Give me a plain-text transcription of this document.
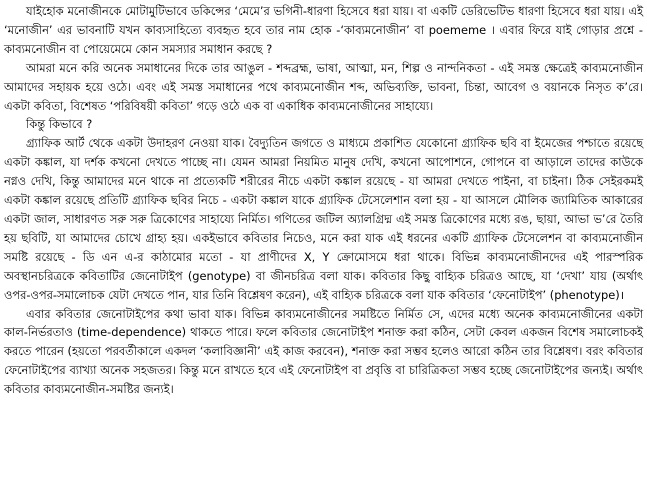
যাইহোক মনোজীনকে মোটামুটিভাবে ডকিন্সের ‘মেমে’র ভগিনী-ধারণা হিসেবে ধরা যায়। বা একটি ডেরিভেটিভ ধারণা হিসেবে ধরা যায়। এই ‘মনোজীন’ এর ভাবনাটি যখন কাব্যসাহিত্যে ব্যবহৃত হবে তার নাম হোক -‘কাব্যমনোজীন’ বা poememe । এবার ফিরে যাই গোড়ার প্রশ্নে - কাব্যমনোজীন বা পোয়েমেমে কোন সমস্যার সমাধান করছে ?

আমরা মনে করি অনেক সমাধানের দিকে তার আঙুল - শব্দব্রহ্ম, ভাষা, আত্মা, মন, শিল্প ও নান্দনিকতা - এই সমস্ত ক্ষেত্রেই কাব্যমনোজীন আমাদের সহায়ক হয়ে ওঠে। এবং এই সমস্ত সমাধানের পথে কাব্যমনোজীন শব্দ, অভিব্যক্তি, ভাবনা, চিন্তা, আবেগ ও বয়ানকে নিসৃত ক’রে। একটা কবিতা, বিশেষত ‘পরিবিষয়ী কবিতা’ গড়ে ওঠে এক বা একাধিক কাব্যমনোজীনের সাহায্যে।

কিন্তু কিভাবে ?

গ্র্যাফিক আর্ট থেকে একটা উদাহরণ নেওয়া যাক। বৈদ্যুতিন জগতে ও মাধ্যমে প্রকাশিত যেকোনো গ্র্যাফিক ছবি বা ইমেজের পশ্চাতে রয়েছে একটা কঙ্কাল, যা দর্শক কখনো দেখতে পাচ্ছে না। যেমন আমরা নিয়মিত মানুষ দেখি, কখনো আপোশনে, গোপনে বা আড়ালে তাদের কাউকে নগ্নও দেখি, কিন্তু আমাদের মনে থাকে না প্রত্যেকটি শরীরের নীচে একটা কঙ্কাল রয়েছে - যা আমরা দেখতে পাইনা, বা চাইনা। ঠিক সেইরকমই একটা কঙ্কাল রয়েছে প্রতিটি গ্র্যাফিক ছবির নিচে - একটা কঙ্কাল যাকে গ্র্যাফিক টেসেলেশান বলা হয় - যা আসলে মৌলিক জ্যামিতিক আকারের একটা জাল, সাধারণত সরু সরু ত্রিকোণের সাহায্যে নির্মিত। গণিতের জটিল অ্যালগ্রিদ্ম এই সমস্ত ত্রিকোণের মধ্যে রঙ, ছায়া, আভা ভ’রে তৈরি হয় ছবিটি, যা আমাদের চোখে গ্রাহ্য হয়। একইভাবে কবিতার নিচেও, মনে করা যাক এই ধরনের একটি গ্র্যাফিক টেসেলেশন বা কাব্যমনোজীন সমষ্টি রয়েছে - ডি এন এ-র কাঠামোর মতো - যা প্রাণীদের X, Y ক্রোমোসমে ধরা থাকে। বিভিন্ন কাব্যমনোজীনদের এই পারস্পরিক অবস্থানচরিত্রকে কবিতাটির জেনোটাইপ (genotype) বা জীনচরিত্র বলা যাক। কবিতার কিছু বাহ্যিক চরিত্রও আছে, যা ‘দেখা’ যায় (অর্থাৎ ওপর-ওপর-সমালোচক যেটা দেখতে পান, যার তিনি বিশ্লেষণ করেন), এই বাহ্যিক চরিত্রকে বলা যাক কবিতার ‘ফেনোটাইপ’ (phenotype)।

এবার কবিতার জেনোটাইপের কথা ভাবা যাক। বিভিন্ন কাব্যমনোজীনের সমষ্টিতে নির্মিত সে, এদের মধ্যে অনেক কাব্যমনোজীনের একটা কাল-নির্ভরতাও (time-dependence) থাকতে পারে। ফলে কবিতার জেনোটাইপ শনাক্ত করা কঠিন, সেটা কেবল একজন বিশেষ সমালোচকই করতে পারেন (হয়তো পরবর্তীকালে একদল ‘কলাবিজ্ঞানী’ এই কাজ করবেন), শনাক্ত করা সম্ভব হলেও আরো কঠিন তার বিশ্লেষণ। বরং কবিতার ফেনোটাইপের ব্যাখ্যা অনেক সহজতর। কিন্তু মনে রাখতে হবে এই ফেনোটাইপ বা প্রবৃত্তি বা চারিত্রিকতা সম্ভব হচ্ছে জেনোটাইপের জন্যই। অর্থাৎ কবিতার কাব্যমনোজীন-সমষ্টির জন্যই।
